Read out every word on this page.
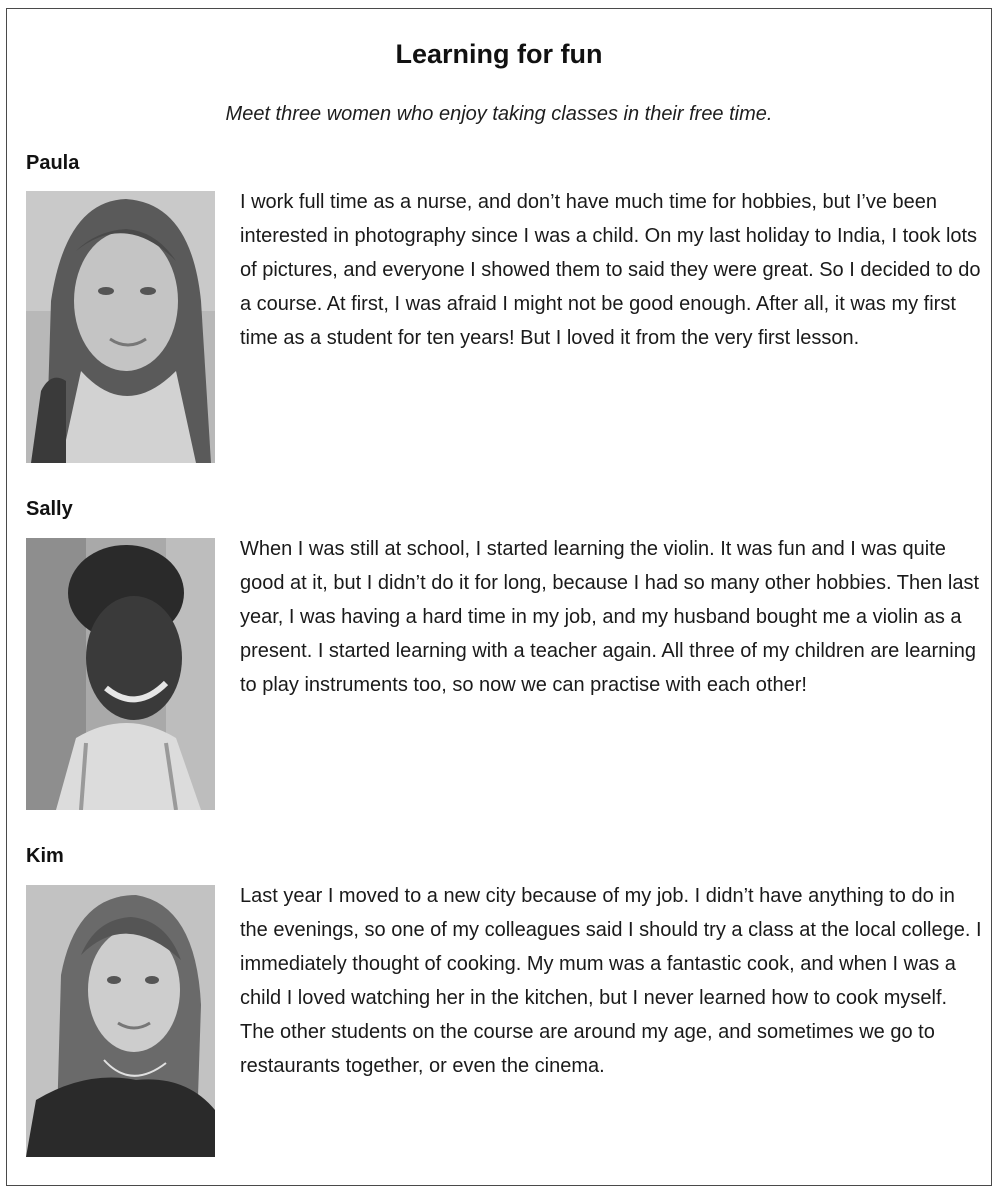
Learning for fun

Meet three women who enjoy taking classes in their free time.

Paula

I work full time as a nurse, and don’t have much time for hobbies, but I’ve been interested in photography since I was a child. On my last holiday to India, I took lots of pictures, and everyone I showed them to said they were great. So I decided to do a course. At first, I was afraid I might not be good enough. After all, it was my first time as a student for ten years! But I loved it from the very first lesson.

Sally

When I was still at school, I started learning the violin. It was fun and I was quite good at it, but I didn’t do it for long, because I had so many other hobbies. Then last year, I was having a hard time in my job, and my husband bought me a violin as a present. I started learning with a teacher again. All three of my children are learning to play instruments too, so now we can practise with each other!

Kim

Last year I moved to a new city because of my job. I didn’t have anything to do in the evenings, so one of my colleagues said I should try a class at the local college. I immediately thought of cooking. My mum was a fantastic cook, and when I was a child I loved watching her in the kitchen, but I never learned how to cook myself. The other students on the course are around my age, and sometimes we go to restaurants together, or even the cinema.
